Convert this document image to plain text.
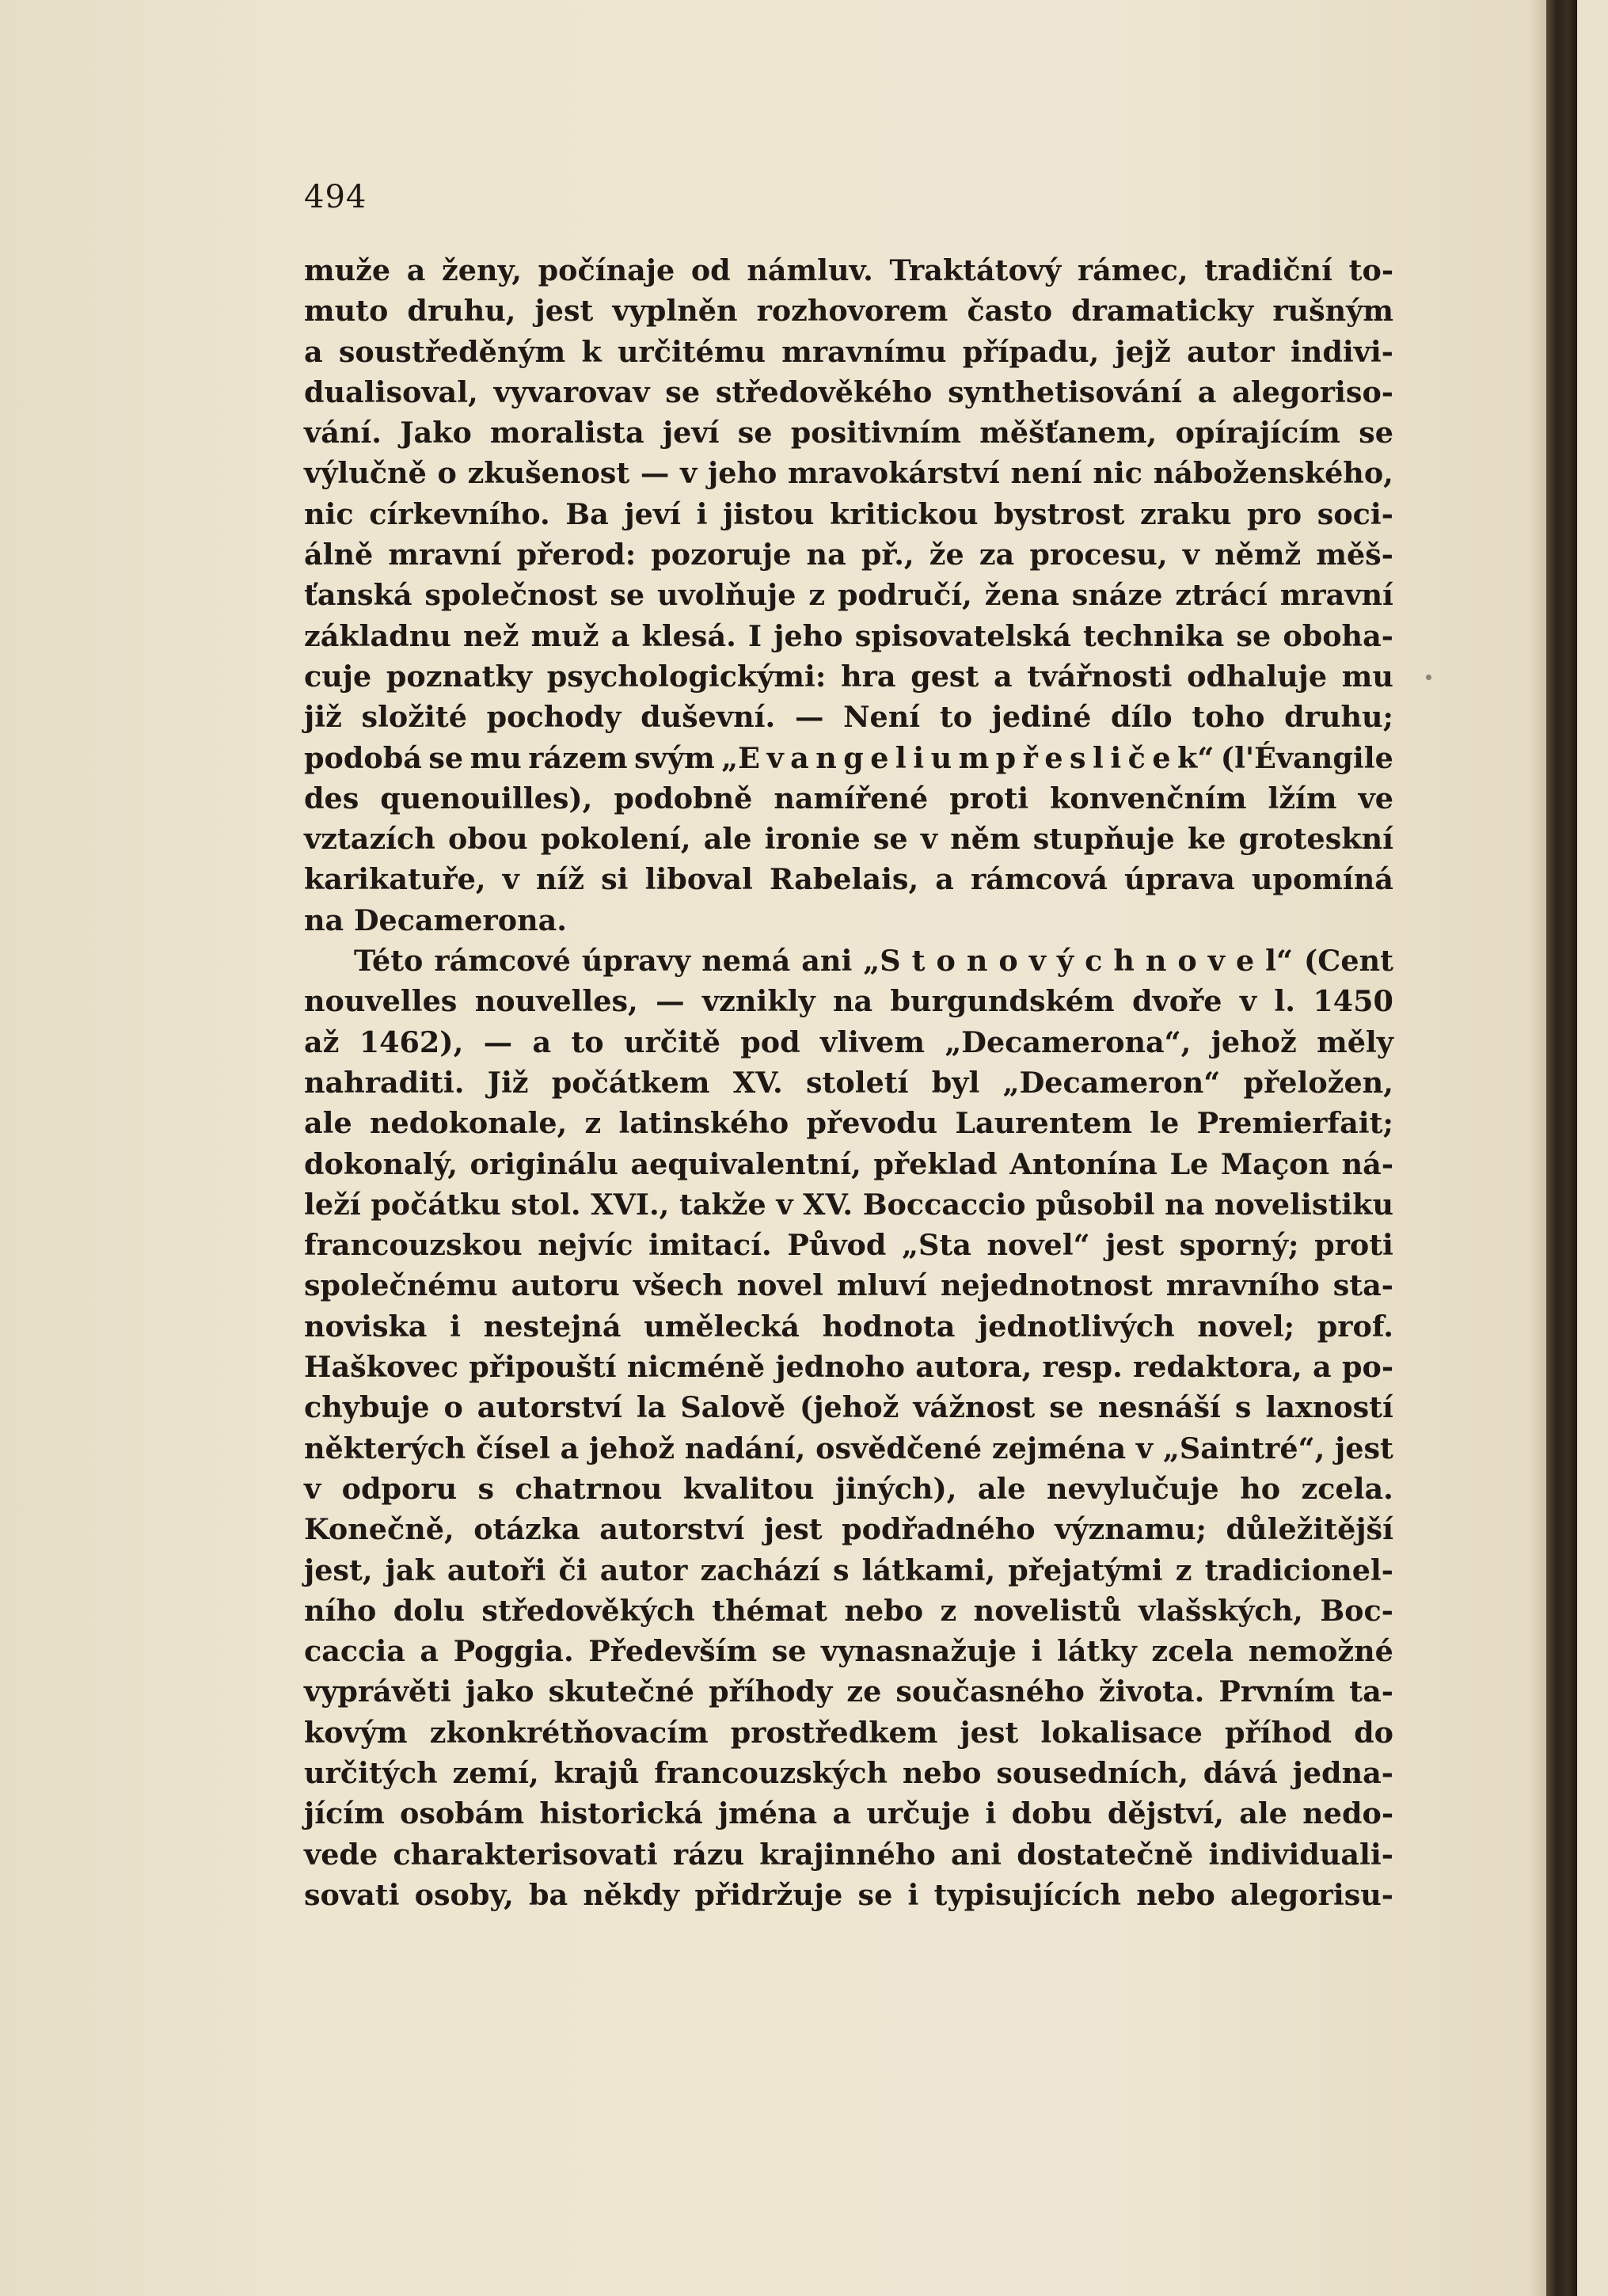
494
muže a ženy, počínaje od námluv. Traktátový rámec, tradiční to-
muto druhu, jest vyplněn rozhovorem často dramaticky rušným
a soustředěným k určitému mravnímu případu, jejž autor indivi-
dualisoval, vyvarovav se středověkého synthetisování a alegoriso-
vání. Jako moralista jeví se positivním měšťanem, opírajícím se
výlučně o zkušenost — v jeho mravokárství není nic náboženského,
nic církevního. Ba jeví i jistou kritickou bystrost zraku pro soci-
álně mravní přerod: pozoruje na př., že za procesu, v němž měš-
ťanská společnost se uvolňuje z područí, žena snáze ztrácí mravní
základnu než muž a klesá. I jeho spisovatelská technika se oboha-
cuje poznatky psychologickými: hra gest a tvářnosti odhaluje mu
již složité pochody duševní. — Není to jediné dílo toho druhu;
podobá se mu rázem svým „E v a n g e l i u m p ř e s l i č e k“ (l'Évangile
des quenouilles), podobně namířené proti konvenčním lžím ve
vztazích obou pokolení, ale ironie se v něm stupňuje ke groteskní
karikatuře, v níž si liboval Rabelais, a rámcová úprava upomíná
na Decamerona.
Této rámcové úpravy nemá ani „S t o n o v ý c h n o v e l“ (Cent
nouvelles nouvelles, — vznikly na burgundském dvoře v l. 1450
až 1462), — a to určitě pod vlivem „Decamerona“, jehož měly
nahraditi. Již počátkem XV. století byl „Decameron“ přeložen,
ale nedokonale, z latinského převodu Laurentem le Premierfait;
dokonalý, originálu aequivalentní, překlad Antonína Le Maçon ná-
leží počátku stol. XVI., takže v XV. Boccaccio působil na novelistiku
francouzskou nejvíc imitací. Původ „Sta novel“ jest sporný; proti
společnému autoru všech novel mluví nejednotnost mravního sta-
noviska i nestejná umělecká hodnota jednotlivých novel; prof.
Haškovec připouští nicméně jednoho autora, resp. redaktora, a po-
chybuje o autorství la Salově (jehož vážnost se nesnáší s laxností
některých čísel a jehož nadání, osvědčené zejména v „Saintré“, jest
v odporu s chatrnou kvalitou jiných), ale nevylučuje ho zcela.
Konečně, otázka autorství jest podřadného významu; důležitější
jest, jak autoři či autor zachází s látkami, přejatými z tradicionel-
ního dolu středověkých thémat nebo z novelistů vlašských, Boc-
caccia a Poggia. Především se vynasnažuje i látky zcela nemožné
vyprávěti jako skutečné příhody ze současného života. Prvním ta-
kovým zkonkrétňovacím prostředkem jest lokalisace příhod do
určitých zemí, krajů francouzských nebo sousedních, dává jedna-
jícím osobám historická jména a určuje i dobu dějství, ale nedo-
vede charakterisovati rázu krajinného ani dostatečně individuali-
sovati osoby, ba někdy přidržuje se i typisujících nebo alegorisu-
